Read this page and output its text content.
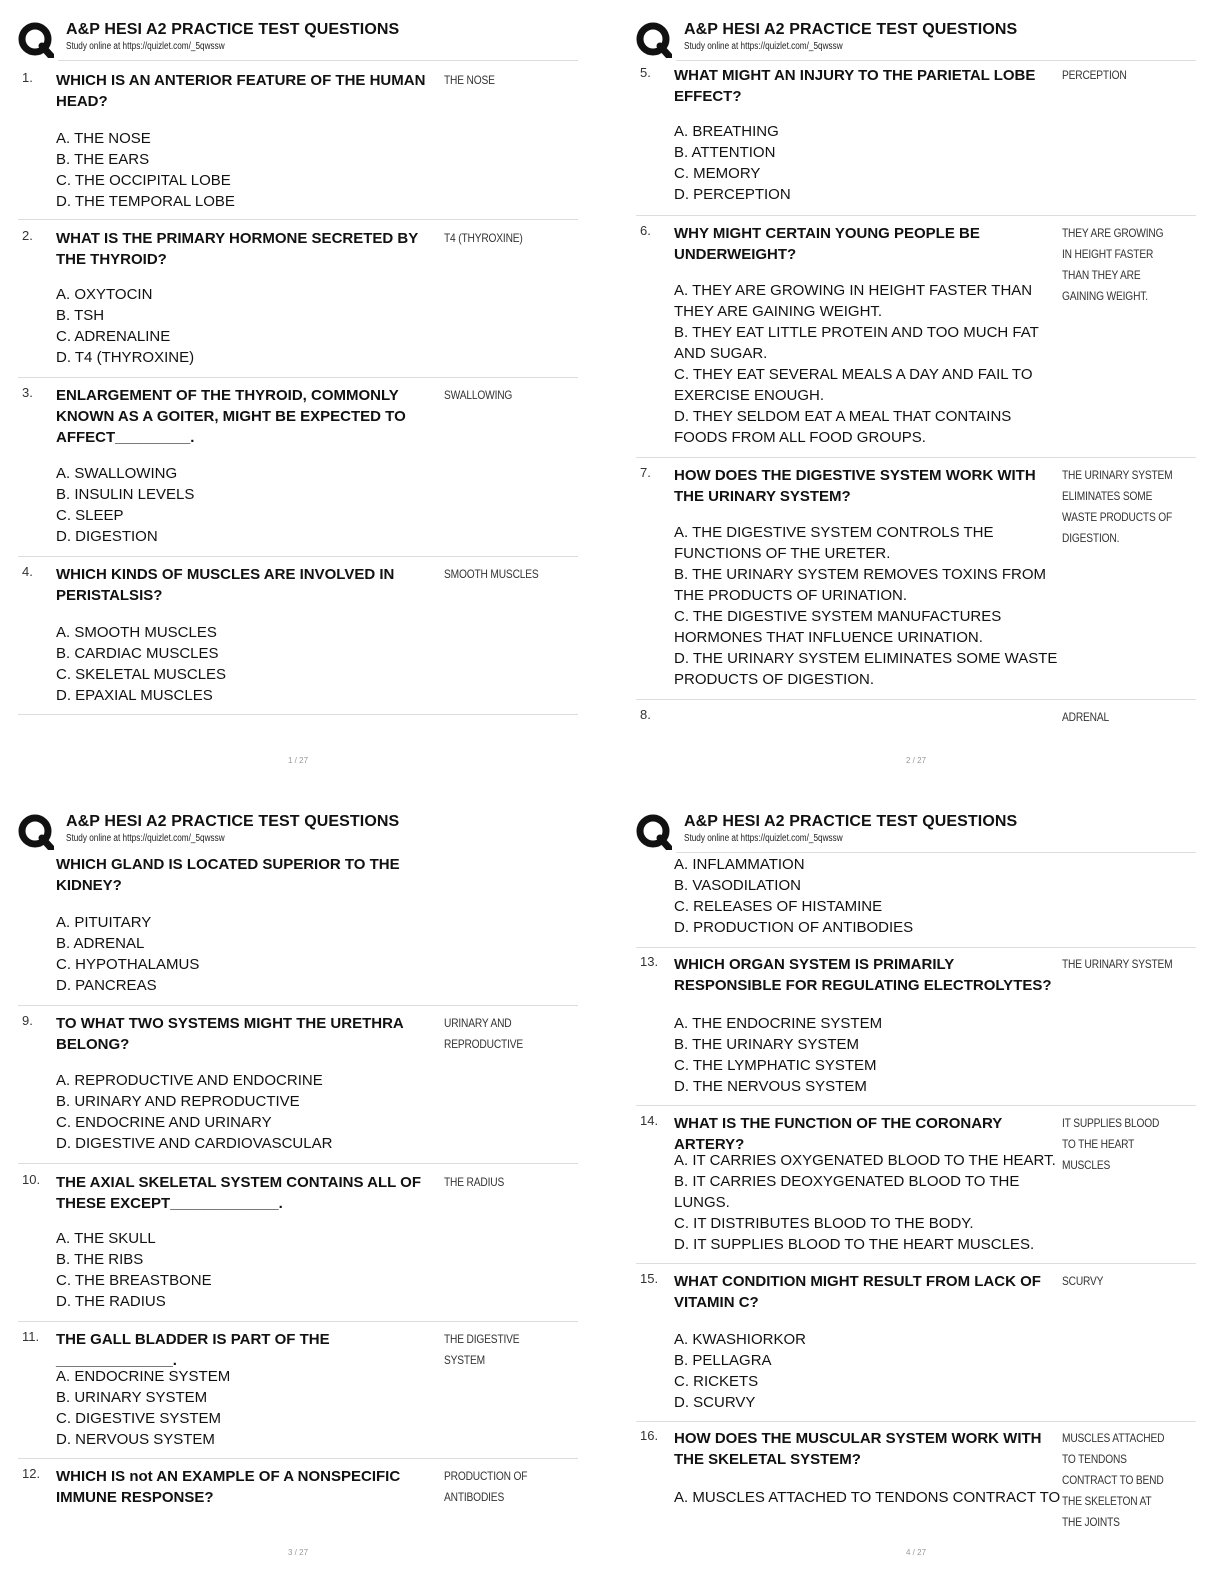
A&P HESI A2 PRACTICE TEST QUESTIONS
Study online at https://quizlet.com/_5qwssw
1. WHICH IS AN ANTERIOR FEATURE OF THE HUMAN HEAD?
THE NOSE
A. THE NOSE
B. THE EARS
C. THE OCCIPITAL LOBE
D. THE TEMPORAL LOBE
2. WHAT IS THE PRIMARY HORMONE SECRETED BY THE THYROID?
T4 (THYROXINE)
A. OXYTOCIN
B. TSH
C. ADRENALINE
D. T4 (THYROXINE)
3. ENLARGEMENT OF THE THYROID, COMMONLY KNOWN AS A GOITER, MIGHT BE EXPECTED TO AFFECT_________.
SWALLOWING
A. SWALLOWING
B. INSULIN LEVELS
C. SLEEP
D. DIGESTION
4. WHICH KINDS OF MUSCLES ARE INVOLVED IN PERISTALSIS?
SMOOTH MUSCLES
A. SMOOTH MUSCLES
B. CARDIAC MUSCLES
C. SKELETAL MUSCLES
D. EPAXIAL MUSCLES
1 / 27
A&P HESI A2 PRACTICE TEST QUESTIONS
Study online at https://quizlet.com/_5qwssw
5. WHAT MIGHT AN INJURY TO THE PARIETAL LOBE EFFECT?
PERCEPTION
A. BREATHING
B. ATTENTION
C. MEMORY
D. PERCEPTION
6. WHY MIGHT CERTAIN YOUNG PEOPLE BE UNDERWEIGHT?
THEY ARE GROWING IN HEIGHT FASTER THAN THEY ARE GAINING WEIGHT.
A. THEY ARE GROWING IN HEIGHT FASTER THAN THEY ARE GAINING WEIGHT.
B. THEY EAT LITTLE PROTEIN AND TOO MUCH FAT AND SUGAR.
C. THEY EAT SEVERAL MEALS A DAY AND FAIL TO EXERCISE ENOUGH.
D. THEY SELDOM EAT A MEAL THAT CONTAINS FOODS FROM ALL FOOD GROUPS.
7. HOW DOES THE DIGESTIVE SYSTEM WORK WITH THE URINARY SYSTEM?
THE URINARY SYSTEM ELIMINATES SOME WASTE PRODUCTS OF DIGESTION.
A. THE DIGESTIVE SYSTEM CONTROLS THE FUNCTIONS OF THE URETER.
B. THE URINARY SYSTEM REMOVES TOXINS FROM THE PRODUCTS OF URINATION.
C. THE DIGESTIVE SYSTEM MANUFACTURES HORMONES THAT INFLUENCE URINATION.
D. THE URINARY SYSTEM ELIMINATES SOME WASTE PRODUCTS OF DIGESTION.
8.	ADRENAL
2 / 27
A&P HESI A2 PRACTICE TEST QUESTIONS
Study online at https://quizlet.com/_5qwssw
WHICH GLAND IS LOCATED SUPERIOR TO THE KIDNEY?
A. PITUITARY
B. ADRENAL
C. HYPOTHALAMUS
D. PANCREAS
9. TO WHAT TWO SYSTEMS MIGHT THE URETHRA BELONG?
URINARY AND REPRODUCTIVE
A. REPRODUCTIVE AND ENDOCRINE
B. URINARY AND REPRODUCTIVE
C. ENDOCRINE AND URINARY
D. DIGESTIVE AND CARDIOVASCULAR
10. THE AXIAL SKELETAL SYSTEM CONTAINS ALL OF THESE EXCEPT_____________.
THE RADIUS
A. THE SKULL
B. THE RIBS
C. THE BREASTBONE
D. THE RADIUS
11. THE GALL BLADDER IS PART OF THE ______________.
THE DIGESTIVE SYSTEM
A. ENDOCRINE SYSTEM
B. URINARY SYSTEM
C. DIGESTIVE SYSTEM
D. NERVOUS SYSTEM
12. WHICH IS not AN EXAMPLE OF A NONSPECIFIC IMMUNE RESPONSE?
PRODUCTION OF ANTIBODIES
3 / 27
A&P HESI A2 PRACTICE TEST QUESTIONS
Study online at https://quizlet.com/_5qwssw
A. INFLAMMATION
B. VASODILATION
C. RELEASES OF HISTAMINE
D. PRODUCTION OF ANTIBODIES
13. WHICH ORGAN SYSTEM IS PRIMARILY RESPONSIBLE FOR REGULATING ELECTROLYTES?
THE URINARY SYSTEM
A. THE ENDOCRINE SYSTEM
B. THE URINARY SYSTEM
C. THE LYMPHATIC SYSTEM
D. THE NERVOUS SYSTEM
14. WHAT IS THE FUNCTION OF THE CORONARY ARTERY?
IT SUPPLIES BLOOD TO THE HEART MUSCLES
A. IT CARRIES OXYGENATED BLOOD TO THE HEART.
B. IT CARRIES DEOXYGENATED BLOOD TO THE LUNGS.
C. IT DISTRIBUTES BLOOD TO THE BODY.
D. IT SUPPLIES BLOOD TO THE HEART MUSCLES.
15. WHAT CONDITION MIGHT RESULT FROM LACK OF VITAMIN C?
SCURVY
A. KWASHIORKOR
B. PELLAGRA
C. RICKETS
D. SCURVY
16. HOW DOES THE MUSCULAR SYSTEM WORK WITH THE SKELETAL SYSTEM?
MUSCLES ATTACHED TO TENDONS CONTRACT TO BEND THE SKELETON AT THE JOINTS
A. MUSCLES ATTACHED TO TENDONS CONTRACT TO
4 / 27
